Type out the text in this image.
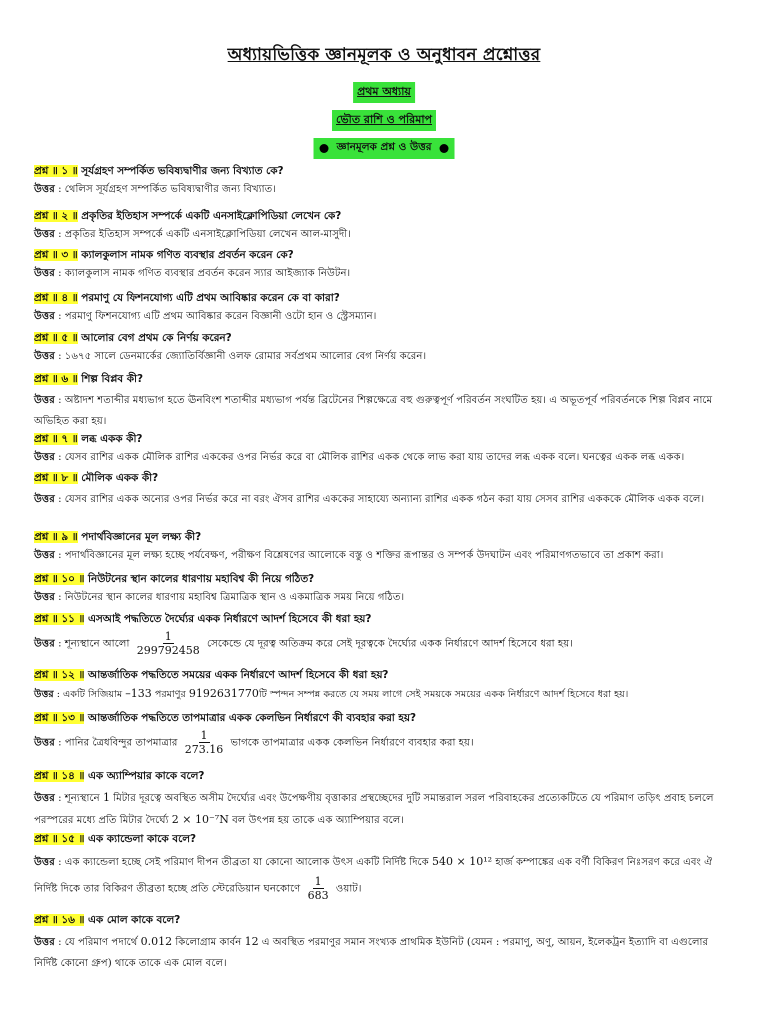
অধ্যায়ভিত্তিক জ্ঞানমূলক ও অনুধাবন প্রশ্নোত্তর
প্রথম অধ্যায়
ভৌত রাশি ও পরিমাপ
জ্ঞানমূলক প্রশ্ন ও উত্তর
প্রশ্ন ॥ ১ ॥ সূর্যগ্রহণ সম্পর্কিত ভবিষ্যদ্বাণীর জন্য বিখ্যাত কে?
উত্তর : থেলিস সূর্যগ্রহণ সম্পর্কিত ভবিষ্যদ্বাণীর জন্য বিখ্যাত।
প্রশ্ন ॥ ২ ॥ প্রকৃতির ইতিহাস সম্পর্কে একটি এনসাইক্লোপিডিয়া লেখেন কে?
উত্তর : প্রকৃতির ইতিহাস সম্পর্কে একটি এনসাইক্লোপিডিয়া লেখেন আল-মাসুদী।
প্রশ্ন ॥ ৩ ॥ ক্যালকুলাস নামক গণিত ব্যবস্থার প্রবর্তন করেন কে?
উত্তর : ক্যালকুলাস নামক গণিত ব্যবস্থার প্রবর্তন করেন স্যার আইজ্যাক নিউটন।
প্রশ্ন ॥ ৪ ॥ পরমাণু যে ফিশনযোগ্য এটি প্রথম আবিষ্কার করেন কে বা কারা?
উত্তর : পরমাণু ফিশনযোগ্য এটি প্রথম আবিষ্কার করেন বিজ্ঞানী ওটো হান ও স্ট্রেসম্যান।
প্রশ্ন ॥ ৫ ॥ আলোর বেগ প্রথম কে নির্ণয় করেন?
উত্তর : ১৬৭৫ সালে ডেনমার্কের জ্যোতির্বিজ্ঞানী ওলফ রোমার সর্বপ্রথম আলোর বেগ নির্ণয় করেন।
প্রশ্ন ॥ ৬ ॥ শিল্প বিপ্লব কী?
উত্তর : অষ্টাদশ শতাব্দীর মধ্যভাগ হতে ঊনবিংশ শতাব্দীর মধ্যভাগ পর্যন্ত ব্রিটেনের শিল্পক্ষেত্রে বহু গুরুত্বপূর্ণ পরিবর্তন সংঘটিত হয়। এ অভূতপূর্ব পরিবর্তনকে শিল্প বিপ্লব নামে অভিহিত করা হয়।
প্রশ্ন ॥ ৭ ॥ লব্ধ একক কী?
উত্তর : যেসব রাশির একক মৌলিক রাশির এককের ওপর নির্ভর করে বা মৌলিক রাশির একক থেকে লাভ করা যায় তাদের লব্ধ একক বলে। ঘনত্বের একক লব্ধ একক।
প্রশ্ন ॥ ৮ ॥ মৌলিক একক কী?
উত্তর : যেসব রাশির একক অন্যের ওপর নির্ভর করে না বরং ঐসব রাশির এককের সাহায্যে অন্যান্য রাশির একক গঠন করা যায় সেসব রাশির একককে মৌলিক একক বলে।
প্রশ্ন ॥ ৯ ॥ পদার্থবিজ্ঞানের মূল লক্ষ্য কী?
উত্তর : পদার্থবিজ্ঞানের মূল লক্ষ্য হচ্ছে পর্যবেক্ষণ, পরীক্ষণ বিশ্লেষণের আলোকে বস্তু ও শক্তির রূপান্তর ও সম্পর্ক উদঘাটন এবং পরিমাণগতভাবে তা প্রকাশ করা।
প্রশ্ন ॥ ১০ ॥ নিউটনের স্থান কালের ধারণায় মহাবিশ্ব কী নিয়ে গঠিত?
উত্তর : নিউটনের স্থান কালের ধারণায় মহাবিশ্ব ত্রিমাত্রিক স্থান ও একমাত্রিক সময় নিয়ে গঠিত।
প্রশ্ন ॥ ১১ ॥ এসআই পদ্ধতিতে দৈর্ঘ্যের একক নির্ধারণে আদর্শ হিসেবে কী ধরা হয়?
উত্তর : শূন্যস্থানে আলো $\frac{1}{299792458}$ সেকেন্ডে যে দূরত্ব অতিক্রম করে সেই দূরত্বকে দৈর্ঘ্যের একক নির্ধারণে আদর্শ হিসেবে ধরা হয়।
প্রশ্ন ॥ ১২ ॥ আন্তর্জাতিক পদ্ধতিতে সময়ের একক নির্ধারণে আদর্শ হিসেবে কী ধরা হয়?
উত্তর : একটি সিজিয়াম –133 পরমাণুর 9192631770টি স্পন্দন সম্পন্ন করতে যে সময় লাগে সেই সময়কে সময়ের একক নির্ধারণে আদর্শ হিসেবে ধরা হয়।
প্রশ্ন ॥ ১৩ ॥ আন্তর্জাতিক পদ্ধতিতে তাপমাত্রার একক কেলভিন নির্ধারণে কী ব্যবহার করা হয়?
উত্তর : পানির ত্রৈধবিন্দুর তাপমাত্রার $\frac{1}{273.16}$ ভাগকে তাপমাত্রার একক কেলভিন নির্ধারণে ব্যবহার করা হয়।
প্রশ্ন ॥ ১৪ ॥ এক অ্যাম্পিয়ার কাকে বলে?
উত্তর : শূন্যস্থানে 1 মিটার দূরত্বে অবস্থিত অসীম দৈর্ঘ্যের এবং উপেক্ষণীয় বৃত্তাকার প্রস্থচ্ছেদের দুটি সমান্তরাল সরল পরিবাহকের প্রত্যেকটিতে যে পরিমাণ তড়িৎ প্রবাহ চললে পরস্পরের মধ্যে প্রতি মিটার দৈর্ঘ্যে 2 × 10⁻⁷N বল উৎপন্ন হয় তাকে এক অ্যাম্পিয়ার বলে।
প্রশ্ন ॥ ১৫ ॥ এক ক্যান্ডেলা কাকে বলে?
উত্তর : এক ক্যান্ডেলা হচ্ছে সেই পরিমাণ দীপন তীব্রতা যা কোনো আলোক উৎস একটি নির্দিষ্ট দিকে 540 × 10¹² হার্জ কম্পাঙ্কের এক বর্ণী বিকিরণ নিঃসরণ করে এবং ঐ নির্দিষ্ট দিকে তার বিকিরণ তীব্রতা হচ্ছে প্রতি স্টেরেডিয়ান ঘনকোণে $\frac{1}{683}$ ওয়াট।
প্রশ্ন ॥ ১৬ ॥ এক মোল কাকে বলে?
উত্তর : যে পরিমাণ পদার্থে 0.012 কিলোগ্রাম কার্বন 12 এ অবস্থিত পরমাণুর সমান সংখ্যক প্রাথমিক ইউনিট (যেমন : পরমাণু, অণু, আয়ন, ইলেকট্রন ইত্যাদি বা এগুলোর নির্দিষ্ট কোনো গ্রুপ) থাকে তাকে এক মোল বলে।
